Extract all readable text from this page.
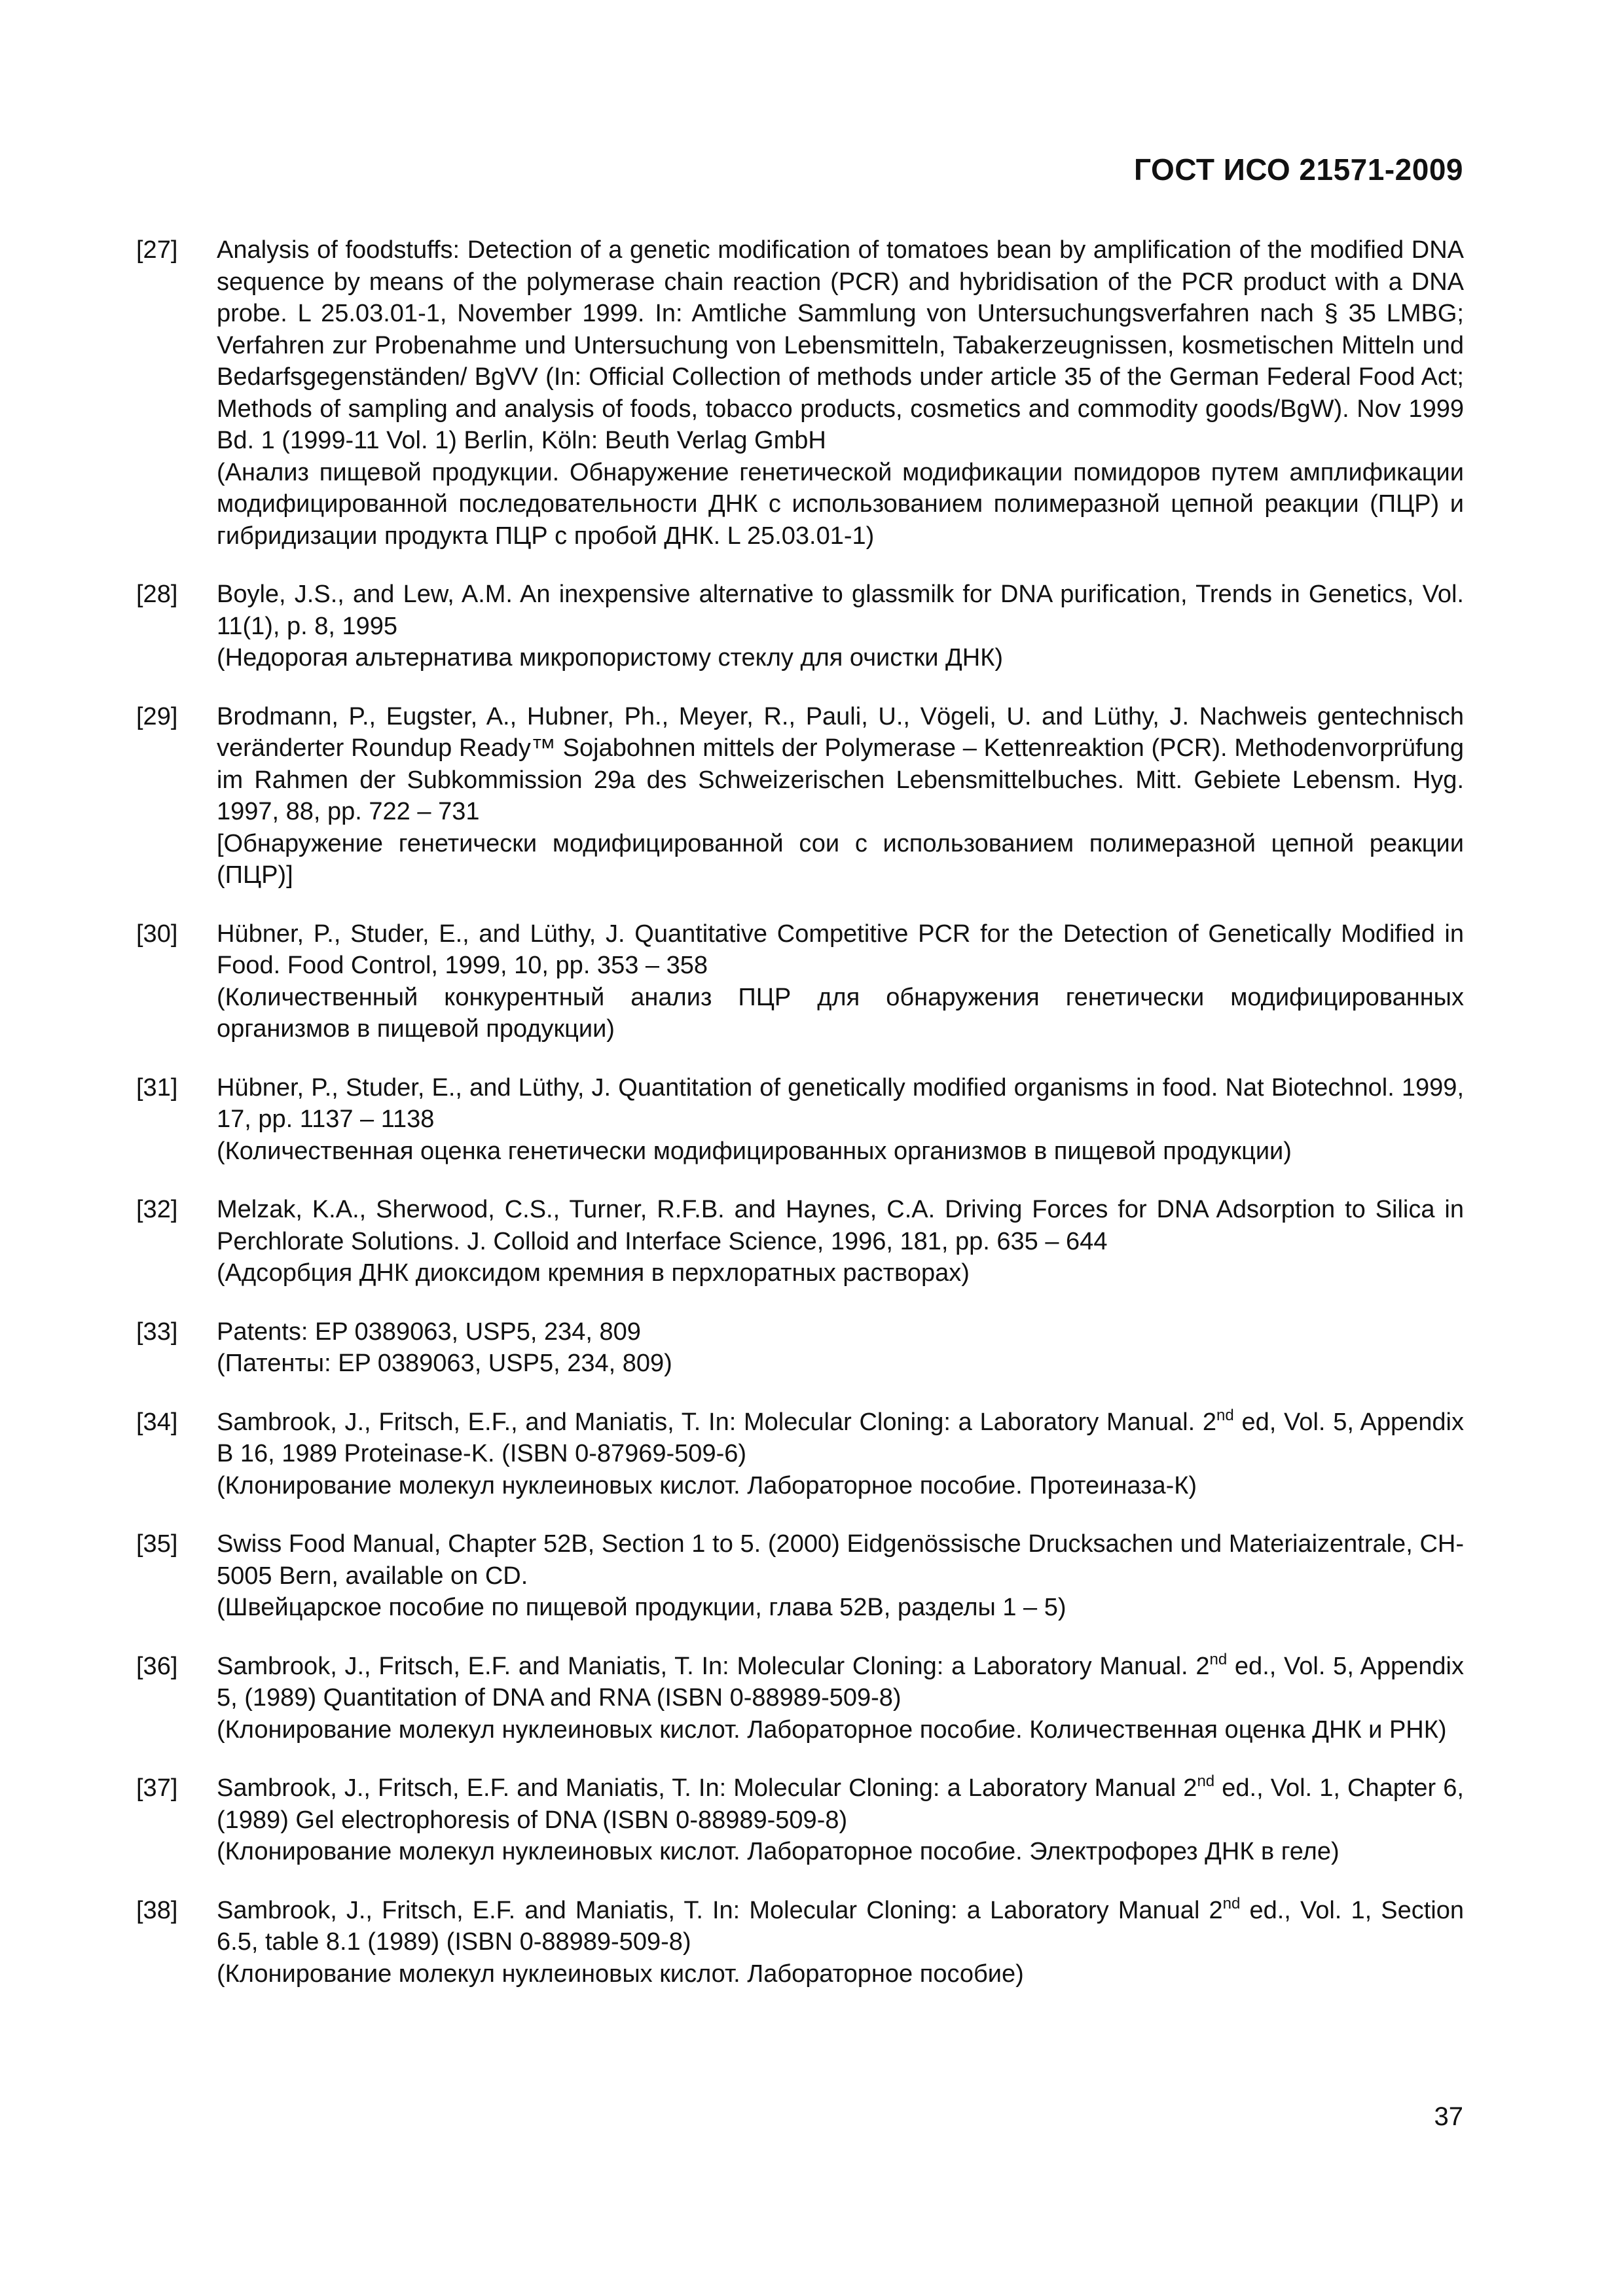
ГОСТ ИСО 21571-2009
[27]	Analysis of foodstuffs: Detection of a genetic modification of tomatoes bean by amplification of the modified DNA sequence by means of the polymerase chain reaction (PCR) and hybridisation of the PCR product with a DNA probe. L 25.03.01-1, November 1999. In: Amtliche Sammlung von Untersuchungsverfahren nach § 35 LMBG; Verfahren zur Probenahme und Untersuchung von Lebensmitteln, Tabakerzeugnissen, kosmetischen Mitteln und Bedarfsgegenständen/ BgVV (In: Official Collection of methods under article 35 of the German Federal Food Act; Methods of sampling and analysis of foods, tobacco products, cosmetics and commodity goods/BgW). Nov 1999 Bd. 1 (1999-11 Vol. 1) Berlin, Köln: Beuth Verlag GmbH
(Анализ пищевой продукции. Обнаружение генетической модификации помидоров путем амплификации модифицированной последовательности ДНК с использованием полимеразной цепной реакции (ПЦР) и гибридизации продукта ПЦР с пробой ДНК. L 25.03.01-1)
[28]	Boyle, J.S., and Lew, A.M. An inexpensive alternative to glassmilk for DNA purification, Trends in Genetics, Vol. 11(1), p. 8, 1995
(Недорогая альтернатива микропористому стеклу для очистки ДНК)
[29]	Brodmann, P., Eugster, A., Hubner, Ph., Meyer, R., Pauli, U., Vögeli, U. and Lüthy, J. Nachweis gentechnisch veränderter Roundup Ready™ Sojabohnen mittels der Polymerase – Kettenreaktion (PCR). Methodenvorprüfung im Rahmen der Subkommission 29a des Schweizerischen Lebensmittelbuches. Mitt. Gebiete Lebensm. Hyg. 1997, 88, pp. 722 – 731
[Обнаружение генетически модифицированной сои с использованием полимеразной цепной реакции (ПЦР)]
[30]	Hübner, P., Studer, E., and Lüthy, J. Quantitative Competitive PCR for the Detection of Genetically Modified in Food. Food Control, 1999, 10, pp. 353 – 358
(Количественный конкурентный анализ ПЦР для обнаружения генетически модифицированных организмов в пищевой продукции)
[31]	Hübner, P., Studer, E., and Lüthy, J. Quantitation of genetically modified organisms in food. Nat Biotechnol. 1999, 17, pp. 1137 – 1138
(Количественная оценка генетически модифицированных организмов в пищевой продукции)
[32]	Melzak, K.A., Sherwood, C.S., Turner, R.F.B. and Haynes, C.A. Driving Forces for DNA Adsorption to Silica in Perchlorate Solutions. J. Colloid and Interface Science, 1996, 181, pp. 635 – 644
(Адсорбция ДНК диоксидом кремния в перхлоратных растворах)
[33]	Patents: EP 0389063, USP5, 234, 809
(Патенты: EP 0389063, USP5, 234, 809)
[34]	Sambrook, J., Fritsch, E.F., and Maniatis, T. In: Molecular Cloning: a Laboratory Manual. 2nd ed, Vol. 5, Appendix B 16, 1989 Proteinase-K. (ISBN 0-87969-509-6)
(Клонирование молекул нуклеиновых кислот. Лабораторное пособие. Протеиназа-К)
[35]	Swiss Food Manual, Chapter 52B, Section 1 to 5. (2000) Eidgenössische Drucksachen und Materiaizentrale, CH-5005 Bern, available on CD.
(Швейцарское пособие по пищевой продукции, глава 52В, разделы 1 – 5)
[36]	Sambrook, J., Fritsch, E.F. and Maniatis, T. In: Molecular Cloning: a Laboratory Manual. 2nd ed., Vol. 5, Appendix 5, (1989) Quantitation of DNA and RNA (ISBN 0-88989-509-8)
(Клонирование молекул нуклеиновых кислот. Лабораторное пособие. Количественная оценка ДНК и РНК)
[37]	Sambrook, J., Fritsch, E.F. and Maniatis, T. In: Molecular Cloning: a Laboratory Manual 2nd ed., Vol. 1, Chapter 6, (1989) Gel electrophoresis of DNA (ISBN 0-88989-509-8)
(Клонирование молекул нуклеиновых кислот. Лабораторное пособие. Электрофорез ДНК в геле)
[38]	Sambrook, J., Fritsch, E.F. and Maniatis, T. In: Molecular Cloning: a Laboratory Manual 2nd ed., Vol. 1, Section 6.5, table 8.1 (1989) (ISBN 0-88989-509-8)
(Клонирование молекул нуклеиновых кислот. Лабораторное пособие)
37
